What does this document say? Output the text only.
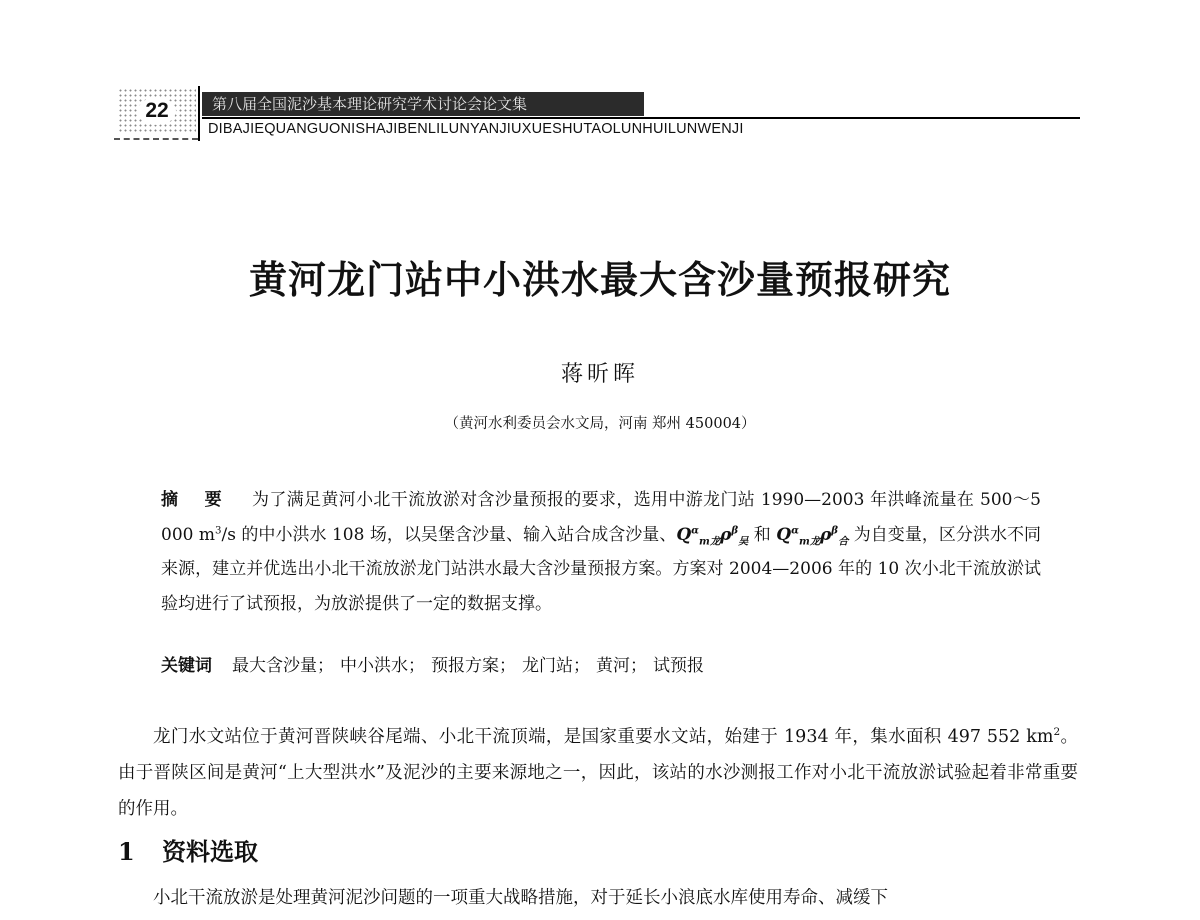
22	第八届全国泥沙基本理论研究学术讨论会论文集
DIBAJIEQUANGUONISHAJIBENLILUNYANJIUXUESHUTAOLUNHUILUNWENJI
黄河龙门站中小洪水最大含沙量预报研究
蒋昕晖
（黄河水利委员会水文局，河南 郑州 450004）
摘 要 为了满足黄河小北干流放淤对含沙量预报的要求，选用中游龙门站 1990—2003 年洪峰流量在 500～5 000 $m^3/s$ 的中小洪水 108 场，以吴堡含沙量、输入站合成含沙量、$Q^\alpha_{m龙}\rho^\beta_吴$ 和 $Q^\alpha_{m龙}\rho^\beta_合$ 为自变量，区分洪水不同来源，建立并优选出小北干流放淤龙门站洪水最大含沙量预报方案。方案对 2004—2006 年的 10 次小北干流放淤试验均进行了试预报，为放淤提供了一定的数据支撑。
关键词 最大含沙量； 中小洪水； 预报方案； 龙门站； 黄河； 试预报
龙门水文站位于黄河晋陕峡谷尾端、小北干流顶端，是国家重要水文站，始建于 1934 年，集水面积 497 552 $km^2$。由于晋陕区间是黄河“上大型洪水”及泥沙的主要来源地之一，因此，该站的水沙测报工作对小北干流放淤试验起着非常重要的作用。
1 资料选取
小北干流放淤是处理黄河泥沙问题的一项重大战略措施，对于延长小浪底水库使用寿命、减缓下
